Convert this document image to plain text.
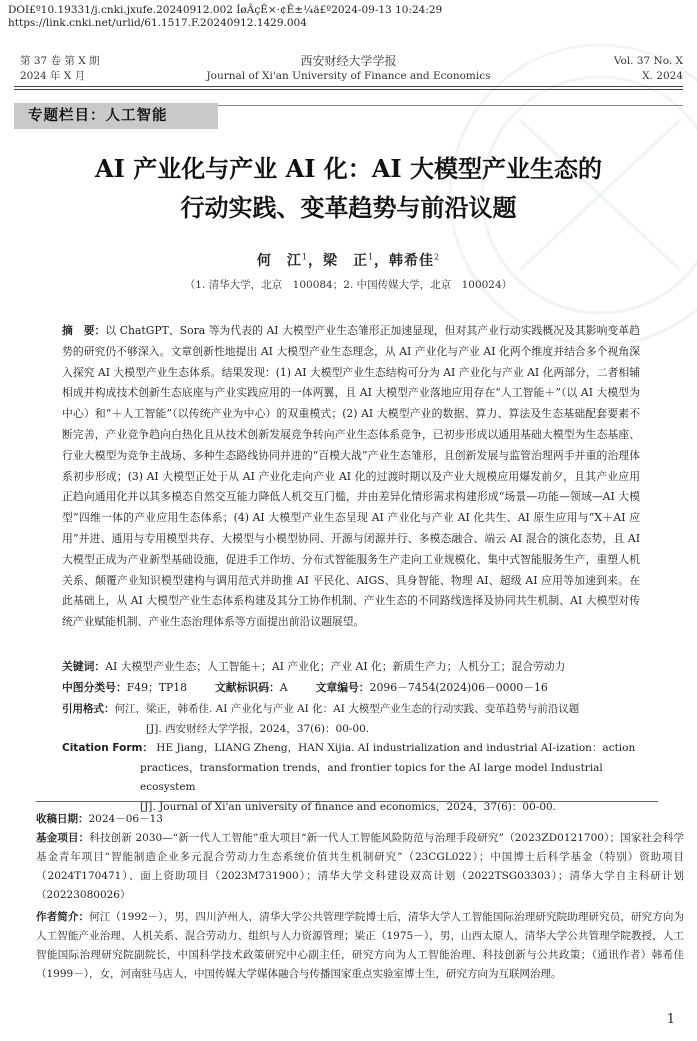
DOI£º10.19331/j.cnki.jxufe.20240912.002 ÍøÂçÊ×·¢Ê±¼ä£º2024-09-13 10:24:29
https://link.cnki.net/urlid/61.1517.F.20240912.1429.004
第 37 卷 第 X 期
2024 年 X 月
西安财经大学学报
Journal of Xi'an University of Finance and Economics
Vol. 37 No. X
X. 2024
专题栏目：人工智能
AI 产业化与产业 AI 化：AI 大模型产业生态的
行动实践、变革趋势与前沿议题
何　江$^1$，梁　正$^1$，韩希佳$^2$
（1. 清华大学，北京　100084；2. 中国传媒大学，北京　100024）
摘　要：以 ChatGPT、Sora 等为代表的 AI 大模型产业生态雏形正加速显现，但对其产业行动实践概况及其影响变革趋势的研究仍不够深入。文章创新性地提出 AI 大模型产业生态理念，从 AI 产业化与产业 AI 化两个维度并结合多个视角深入探究 AI 大模型产业生态体系。结果发现：(1) AI 大模型产业生态结构可分为 AI 产业化与产业 AI 化两部分，二者相辅相成并构成技术创新生态底座与产业实践应用的一体两翼，且 AI 大模型产业落地应用存在“人工智能＋”（以 AI 大模型为中心）和“＋人工智能”（以传统产业为中心）的双重模式；(2) AI 大模型产业的数据、算力、算法及生态基础配套要素不断完善，产业竞争趋向白热化且从技术创新发展竞争转向产业生态体系竞争，已初步形成以通用基础大模型为生态基座、行业大模型为竞争主战场、多种生态路线协同并进的“百模大战”产业生态雏形，且创新发展与监管治理两手并重的治理体系初步形成；(3) AI 大模型正处于从 AI 产业化走向产业 AI 化的过渡时期以及产业大规模应用爆发前夕，且其产业应用正趋向通用化并以其多模态自然交互能力降低人机交互门槛，并由差异化情形需求构建形成“场景—功能—领域—AI 大模型”四维一体的产业应用生态体系；(4) AI 大模型产业生态呈现 AI 产业化与产业 AI 化共生、AI 原生应用与“X＋AI 应用”并进、通用与专用模型共存、大模型与小模型协同、开源与闭源并行、多模态融合、端云 AI 混合的演化态势，且 AI 大模型正成为产业新型基础设施，促进手工作坊、分布式智能服务生产走向工业规模化、集中式智能服务生产，重塑人机关系、颠覆产业知识模型建构与调用范式并助推 AI 平民化、AIGS、具身智能、物理 AI、超级 AI 应用等加速到来。在此基础上，从 AI 大模型产业生态体系构建及其分工协作机制、产业生态的不同路线选择及协同共生机制、AI 大模型对传统产业赋能机制、产业生态治理体系等方面提出前沿议题展望。
关键词：AI 大模型产业生态；人工智能＋；AI 产业化；产业 AI 化；新质生产力；人机分工；混合劳动力
中图分类号：F49；TP18	文献标识码：A	文章编号：2096－7454(2024)06－0000－16
引用格式：何江，梁正，韩希佳. AI 产业化与产业 AI 化：AI 大模型产业生态的行动实践、变革趋势与前沿议题
[J]. 西安财经大学学报，2024，37(6)：00-00.
Citation Form： HE Jiang，LIANG Zheng，HAN Xijia. AI industrialization and industrial AI-ization：action
practices，transformation trends，and frontier topics for the AI large model Industrial ecosystem
[J]. Journal of Xi'an university of finance and economics，2024，37(6)：00-00.
收稿日期：2024－06－13
基金项目：科技创新 2030—“新一代人工智能”重大项目“新一代人工智能风险防范与治理手段研究”（2023ZD0121700）；国家社会科学基金青年项目“智能制造企业多元混合劳动力生态系统价值共生机制研究”（23CGL022）；中国博士后科学基金（特别）资助项目（2024T170471）、面上资助项目（2023M731900）；清华大学文科建设双高计划（2022TSG03303）；清华大学自主科研计划（20223080026）
作者简介：何江（1992－），男，四川泸州人，清华大学公共管理学院博士后，清华大学人工智能国际治理研究院助理研究员，研究方向为人工智能产业治理、人机关系、混合劳动力、组织与人力资源管理；梁正（1975－），男，山西太原人，清华大学公共管理学院教授，人工智能国际治理研究院副院长，中国科学技术政策研究中心副主任，研究方向为人工智能治理、科技创新与公共政策；（通讯作者）韩希佳（1999－），女，河南驻马店人，中国传媒大学媒体融合与传播国家重点实验室博士生，研究方向为互联网治理。
1
